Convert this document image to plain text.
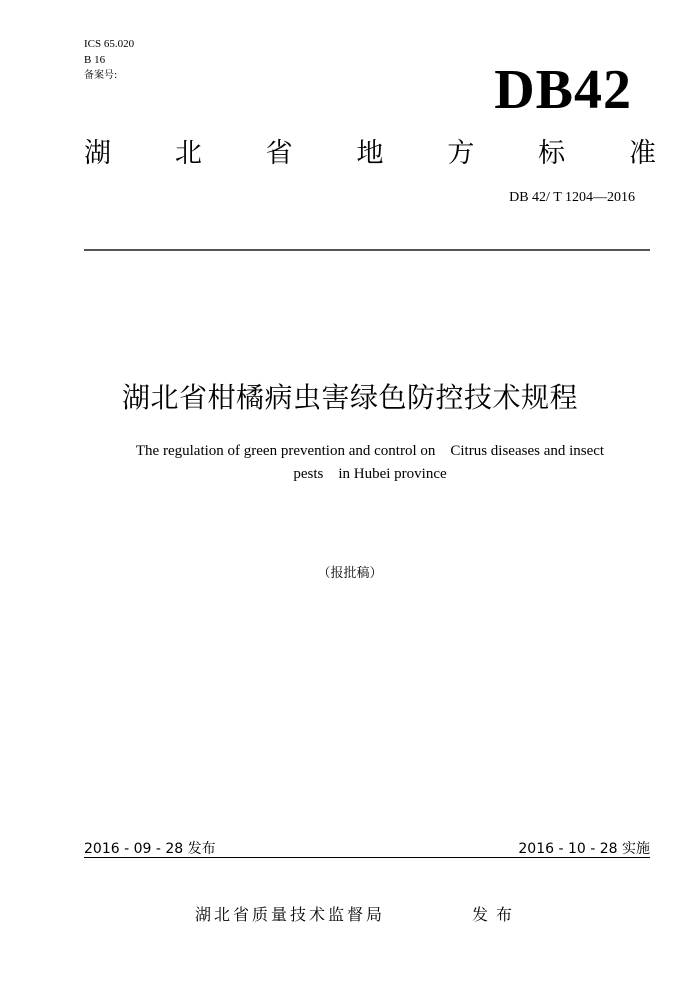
ICS 65.020
B 16
备案号:	DB42
湖 北 省 地 方 标 准
DB 42/ T 1204—2016
湖北省柑橘病虫害绿色防控技术规程
The regulation of green prevention and control on    Citrus diseases and insect
pests    in Hubei province
（报批稿）
2016 - 09 - 28 发布	2016 - 10 - 28 实施
湖北省质量技术监督局	发布
